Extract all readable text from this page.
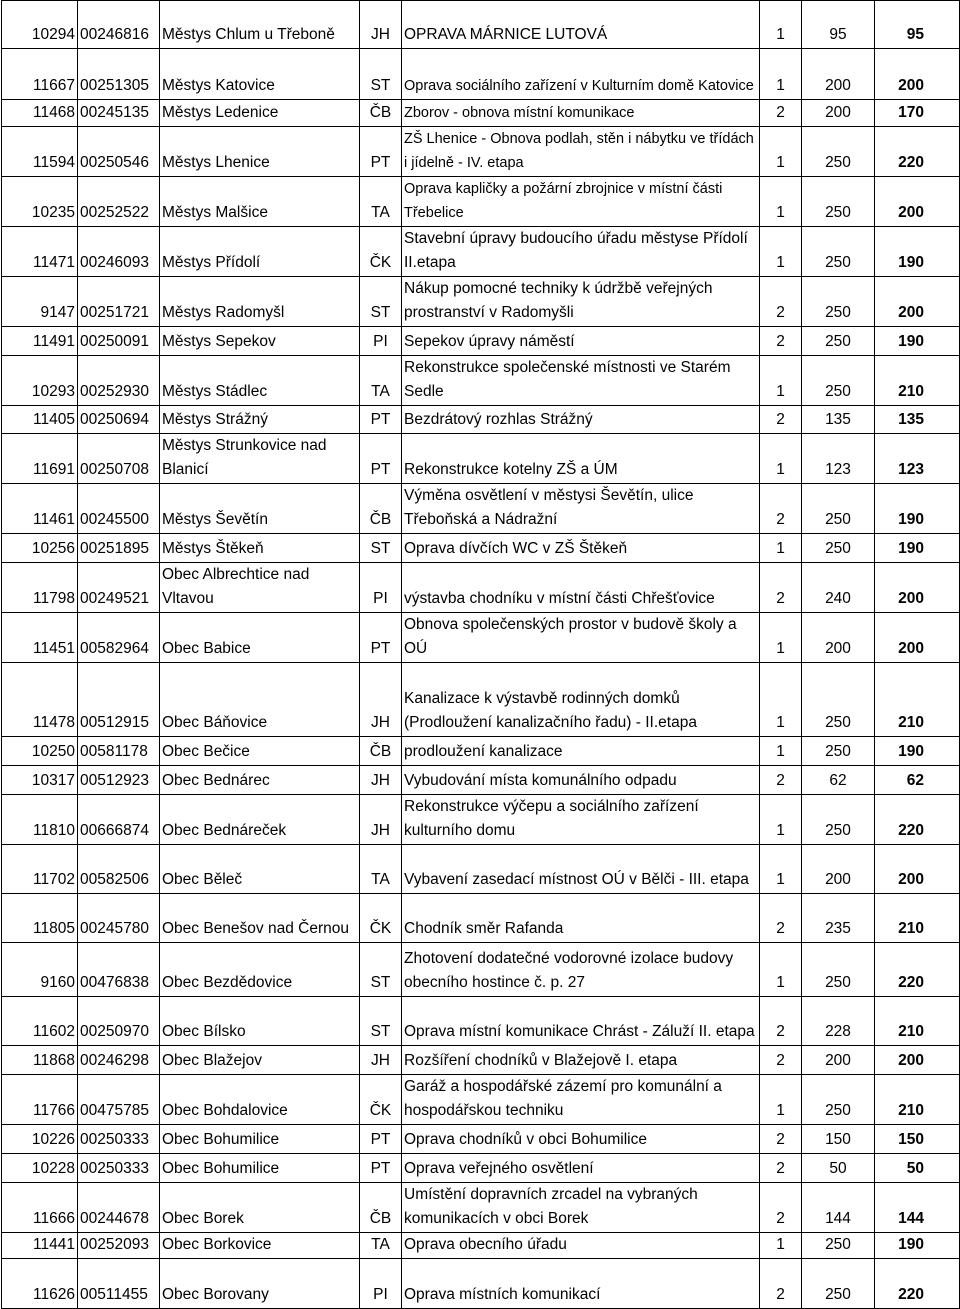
10294	00246816	Městys Chlum u Třeboně	JH	OPRAVA MÁRNICE LUTOVÁ	1	95	95
11667	00251305	Městys Katovice	ST	Oprava sociálního zařízení v Kulturním domě Katovice	1	200	200
11468	00245135	Městys Ledenice	ČB	Zborov - obnova místní komunikace	2	200	170
11594	00250546	Městys Lhenice	PT	ZŠ Lhenice - Obnova podlah, stěn i nábytku ve třídách i jídelně - IV. etapa	1	250	220
10235	00252522	Městys Malšice	TA	Oprava kapličky a požární zbrojnice v místní části Třebelice	1	250	200
11471	00246093	Městys Přídolí	ČK	Stavební úpravy budoucího úřadu městyse Přídolí II.etapa	1	250	190
9147	00251721	Městys Radomyšl	ST	Nákup pomocné techniky k údržbě veřejných prostranství v Radomyšli	2	250	200
11491	00250091	Městys Sepekov	PI	Sepekov úpravy náměstí	2	250	190
10293	00252930	Městys Stádlec	TA	Rekonstrukce společenské místnosti ve Starém Sedle	1	250	210
11405	00250694	Městys Strážný	PT	Bezdrátový rozhlas Strážný	2	135	135
11691	00250708	Městys Strunkovice nad Blanicí	PT	Rekonstrukce kotelny ZŠ a ÚM	1	123	123
11461	00245500	Městys Ševětín	ČB	Výměna osvětlení v městysi Ševětín, ulice Třeboňská a Nádražní	2	250	190
10256	00251895	Městys Štěkeň	ST	Oprava dívčích WC v ZŠ Štěkeň	1	250	190
11798	00249521	Obec Albrechtice nad Vltavou	PI	výstavba chodníku v místní části Chřešťovice	2	240	200
11451	00582964	Obec Babice	PT	Obnova společenských prostor v budově školy a OÚ	1	200	200
11478	00512915	Obec Báňovice	JH	Kanalizace k výstavbě rodinných domků (Prodloužení kanalizačního řadu) - II.etapa	1	250	210
10250	00581178	Obec Bečice	ČB	prodloužení kanalizace	1	250	190
10317	00512923	Obec Bednárec	JH	Vybudování místa komunálního odpadu	2	62	62
11810	00666874	Obec Bednáreček	JH	Rekonstrukce výčepu a sociálního zařízení kulturního domu	1	250	220
11702	00582506	Obec Běleč	TA	Vybavení zasedací místnost OÚ v Bělči - III. etapa	1	200	200
11805	00245780	Obec Benešov nad Černou	ČK	Chodník směr Rafanda	2	235	210
9160	00476838	Obec Bezdědovice	ST	Zhotovení dodatečné vodorovné izolace budovy obecního hostince č. p. 27	1	250	220
11602	00250970	Obec Bílsko	ST	Oprava místní komunikace Chrást - Záluží II. etapa	2	228	210
11868	00246298	Obec Blažejov	JH	Rozšíření chodníků v Blažejově I. etapa	2	200	200
11766	00475785	Obec Bohdalovice	ČK	Garáž a hospodářské zázemí pro komunální a hospodářskou techniku	1	250	210
10226	00250333	Obec Bohumilice	PT	Oprava chodníků v obci Bohumilice	2	150	150
10228	00250333	Obec Bohumilice	PT	Oprava veřejného osvětlení	2	50	50
11666	00244678	Obec Borek	ČB	Umístění dopravních zrcadel na vybraných komunikacích v obci Borek	2	144	144
11441	00252093	Obec Borkovice	TA	Oprava obecního úřadu	1	250	190
11626	00511455	Obec Borovany	PI	Oprava místních komunikací	2	250	220
